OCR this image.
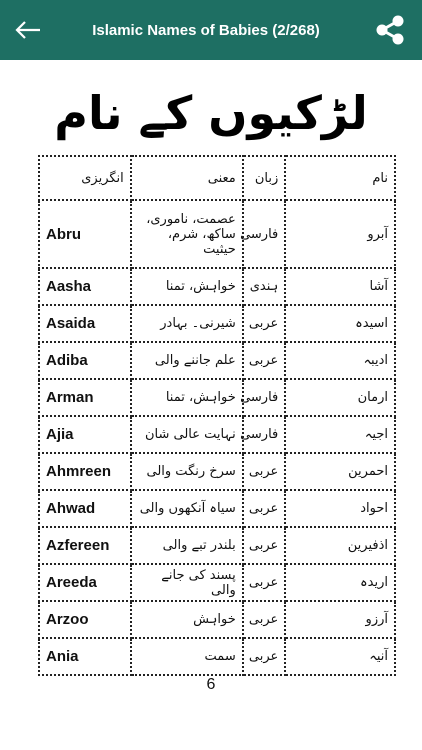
Islamic Names of Babies (2/268)
لڑکیوں کے نام
انگریزی	معنی	زبان	نام
Abru	عصمت، ناموری، ساکھ، شرم، حیثیت	فارسی	آبرو
Aasha	خواہش، تمنا	ہندی	آشا
Asaida	شیرنی۔ بہادر	عربی	اسیدہ
Adiba	علم جاننے والی	عربی	ادیبہ
Arman	خواہش، تمنا	فارسی	ارمان
Ajia	نہایت عالی شان	فارسی	اجیہ
Ahmreen	سرخ رنگت والی	عربی	احمرین
Ahwad	سیاہ آنکھوں والی	عربی	احواد
Azfereen	بلندر تبے والی	عربی	اذفیرین
Areeda	پسند کی جانے والی	عربی	اریدہ
Arzoo	خواہش	عربی	آرزو
Ania	سمت	عربی	آنیہ
6
